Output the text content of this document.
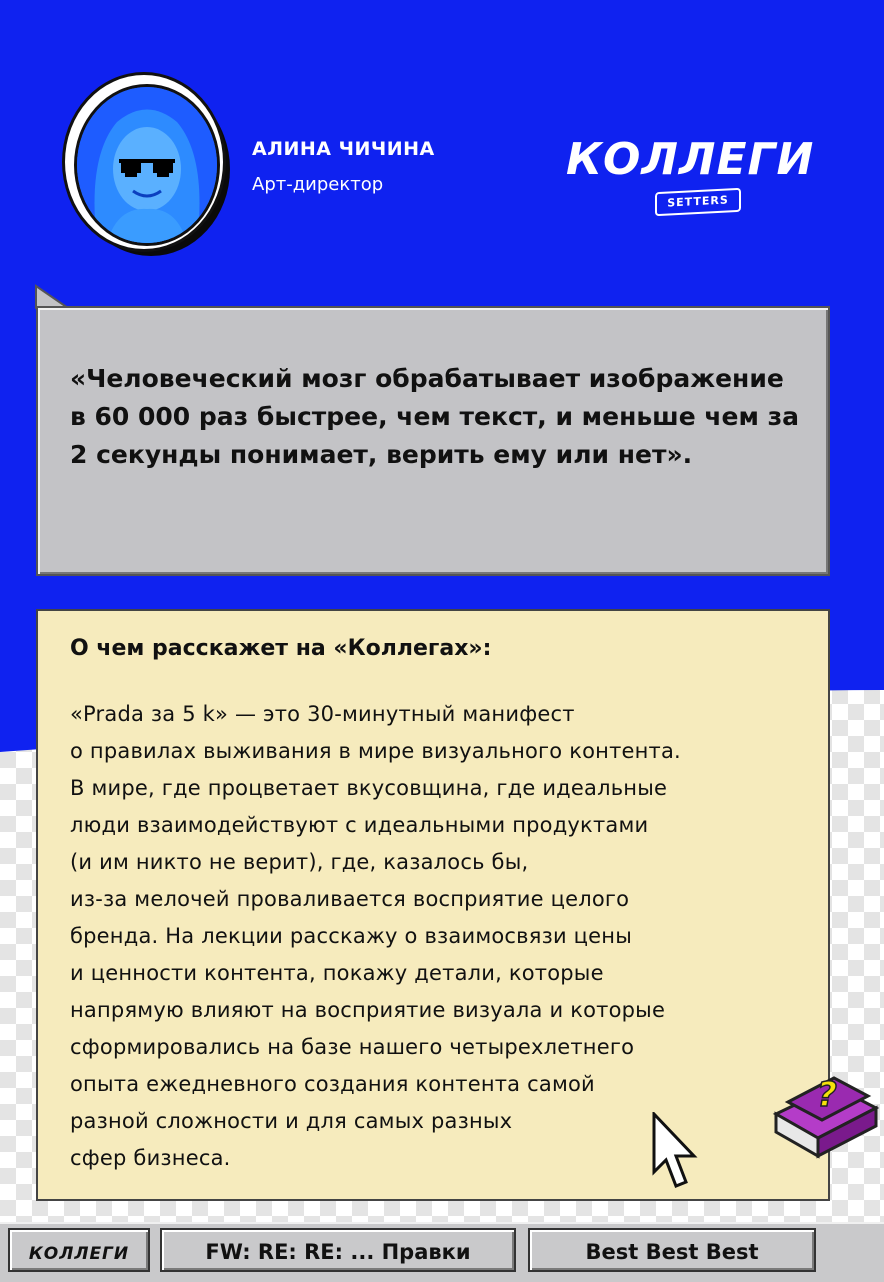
АЛИНА ЧИЧИНА
Арт-директор	КОЛЛЕГИ
SETTERS
«Человеческий мозг обрабатывает изображение в 60 000 раз быстрее, чем текст, и меньше чем за 2 секунды понимает, верить ему или нет».
О чем расскажет на «Коллегах»:
«Prada за 5 k» — это 30-минутный манифест
о правилах выживания в мире визуального контента.
В мире, где процветает вкусовщина, где идеальные
люди взаимодействуют с идеальными продуктами
(и им никто не верит), где, казалось бы,
из-за мелочей проваливается восприятие целого
бренда. На лекции расскажу о взаимосвязи цены
и ценности контента, покажу детали, которые
напрямую влияют на восприятие визуала и которые
сформировались на базе нашего четырехлетнего
опыта ежедневного создания контента самой
разной сложности и для самых разных
сфер бизнеса.
?
КОЛЛЕГИ	FW: RE: RE: ... Правки	Best Best Best
